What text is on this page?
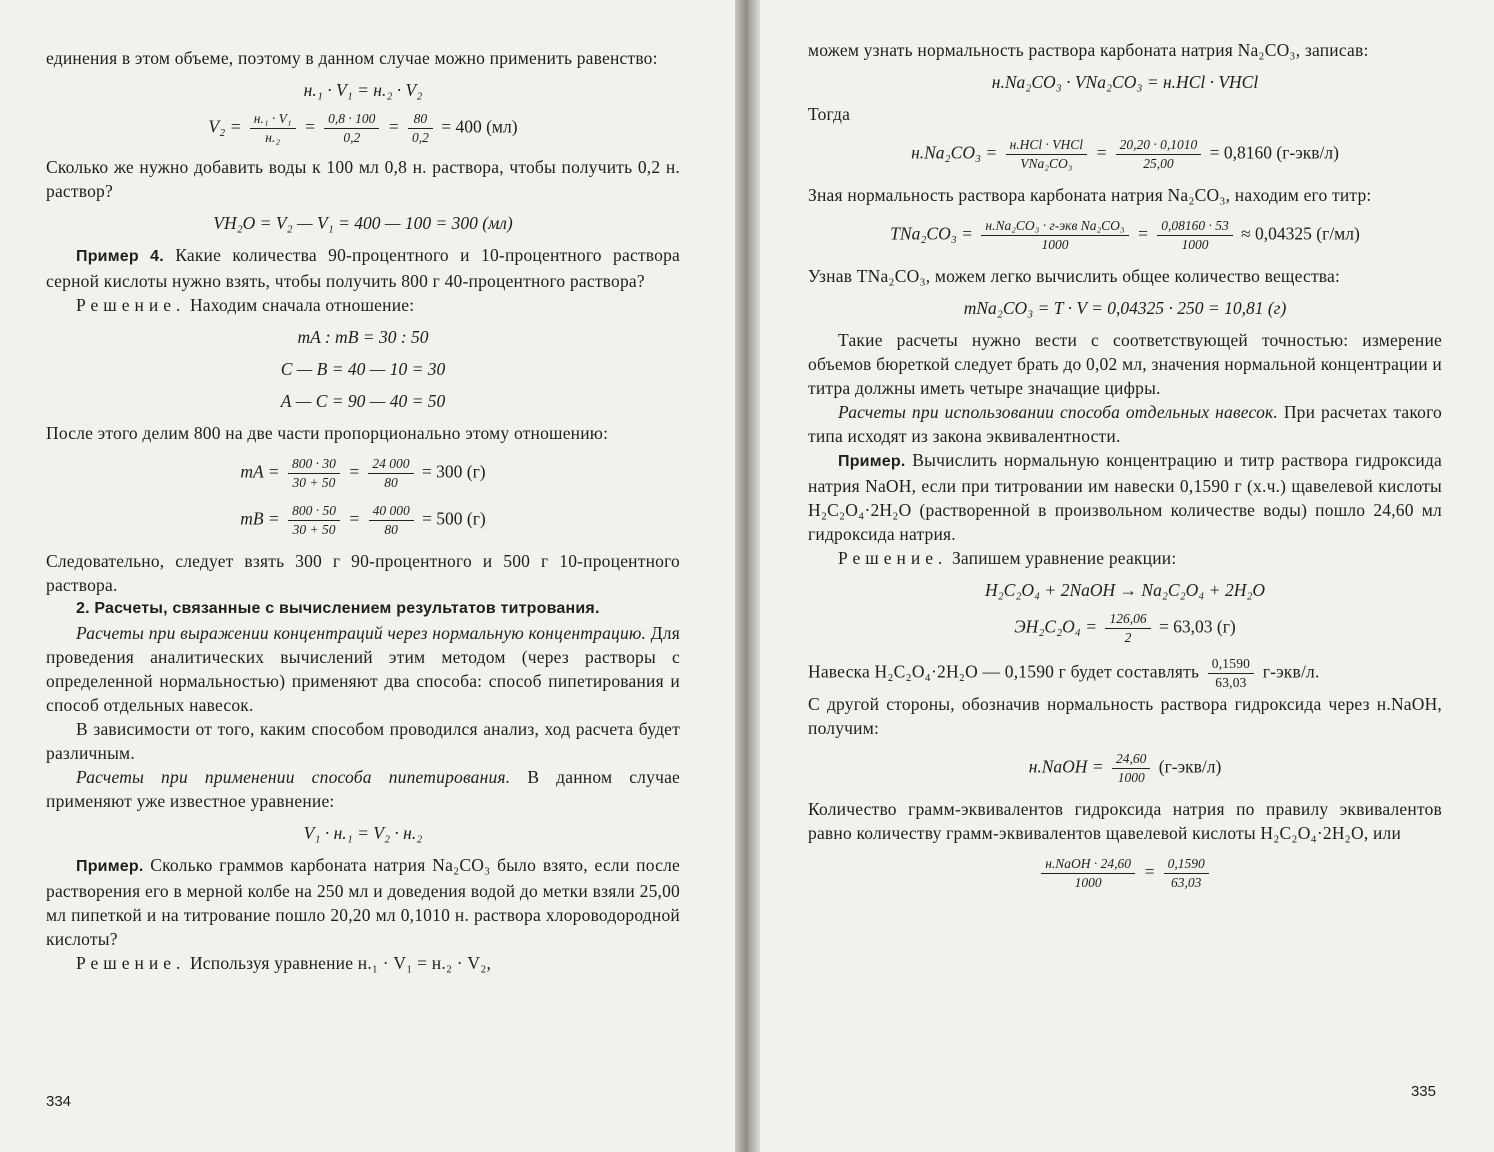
единения в этом объеме, поэтому в данном случае можно применить равенство:

н.₁ · V₁ = н.₂ · V₂

$V_2 = \frac{\text{н.₁ · V₁}}{\text{н.₂}} = \frac{0,8 \cdot 100}{0,2} = \frac{80}{0,2} = 400$ (мл)

Сколько же нужно добавить воды к 100 мл 0,8 н. раствора, чтобы получить 0,2 н. раствор?

VH₂O = V₂ — V₁ = 400 — 100 = 300 (мл)

Пример 4. Какие количества 90-процентного и 10-процентного раствора серной кислоты нужно взять, чтобы получить 800 г 40-процентного раствора?

Решение. Находим сначала отношение:

mA : mB = 30 : 50

С — В = 40 — 10 = 30

А — С = 90 — 40 = 50

После этого делим 800 на две части пропорционально этому отношению:

mA = $\frac{800 \cdot 30}{30 + 50} = \frac{24 000}{80} = 300$ (г)

mB = $\frac{800 \cdot 50}{30 + 50} = \frac{40 000}{80} = 500$ (г)

Следовательно, следует взять 300 г 90-процентного и 500 г 10-процентного раствора.

2. Расчеты, связанные с вычислением результатов титрования.

Расчеты при выражении концентраций через нормальную концентрацию. Для проведения аналитических вычислений этим методом (через растворы с определенной нормальностью) применяют два способа: способ пипетирования и способ отдельных навесок.

В зависимости от того, каким способом проводился анализ, ход расчета будет различным.

Расчеты при применении способа пипетирования. В данном случае применяют уже известное уравнение:

V₁ · н.₁ = V₂ · н.₂

Пример. Сколько граммов карбоната натрия Na₂CO₃ было взято, если после растворения его в мерной колбе на 250 мл и доведения водой до метки взяли 25,00 мл пипеткой и на титрование пошло 20,20 мл 0,1010 н. раствора хлороводородной кислоты?

Решение. Используя уравнение н.₁ · V₁ = н.₂ · V₂,

334

можем узнать нормальность раствора карбоната натрия Na₂CO₃, записав:

н.Na₂CO₃ · VNa₂CO₃ = н.HCl · VHCl

Тогда

$н.Na_2CO_3 = \frac{\text{н.HCl · VHCl}}{\text{VNa₂CO₃}} = \frac{20,20 \cdot 0,1010}{25,00} = 0,8160$ (г-экв/л)

Зная нормальность раствора карбоната натрия Na₂CO₃, находим его титр:

$TNa_2CO_3 = \frac{\text{н.Na₂CO₃ · г-экв Na₂CO₃}}{1000} = \frac{0,08160 \cdot 53}{1000} \approx 0,04325$ (г/мл)

Узнав TNa₂CO₃, можем легко вычислить общее количество вещества:

mNa₂CO₃ = T · V = 0,04325 · 250 = 10,81 (г)

Такие расчеты нужно вести с соответствующей точностью: измерение объемов бюреткой следует брать до 0,02 мл, значения нормальной концентрации и титра должны иметь четыре значащие цифры.

Расчеты при использовании способа отдельных навесок. При расчетах такого типа исходят из закона эквивалентности.

Пример. Вычислить нормальную концентрацию и титр раствора гидроксида натрия NaOH, если при титровании им навески 0,1590 г (х.ч.) щавелевой кислоты H₂C₂O₄·2H₂O (растворенной в произвольном количестве воды) пошло 24,60 мл гидроксида натрия.

Решение. Запишем уравнение реакции:

H₂C₂O₄ + 2NaOH → Na₂C₂O₄ + 2H₂O

$ЭH_2C_2O_4 = \frac{126,06}{2} = 63,03$ (г)

Навеска H₂C₂O₄·2H₂O — 0,1590 г будет составлять $\frac{0,1590}{63,03} г-экв/л$.

С другой стороны, обозначив нормальность раствора гидроксида через н.NaOH, получим:

н.NaOH = $\frac{24,60}{1000} (г-экв/л)$

Количество грамм-эквивалентов гидроксида натрия по правилу эквивалентов равно количеству грамм-эквивалентов щавелевой кислоты H₂C₂O₄·2H₂O, или

$\frac{\text{н.NaOH · 24,60}}{1000} = \frac{0,1590}{63,03}$

335
